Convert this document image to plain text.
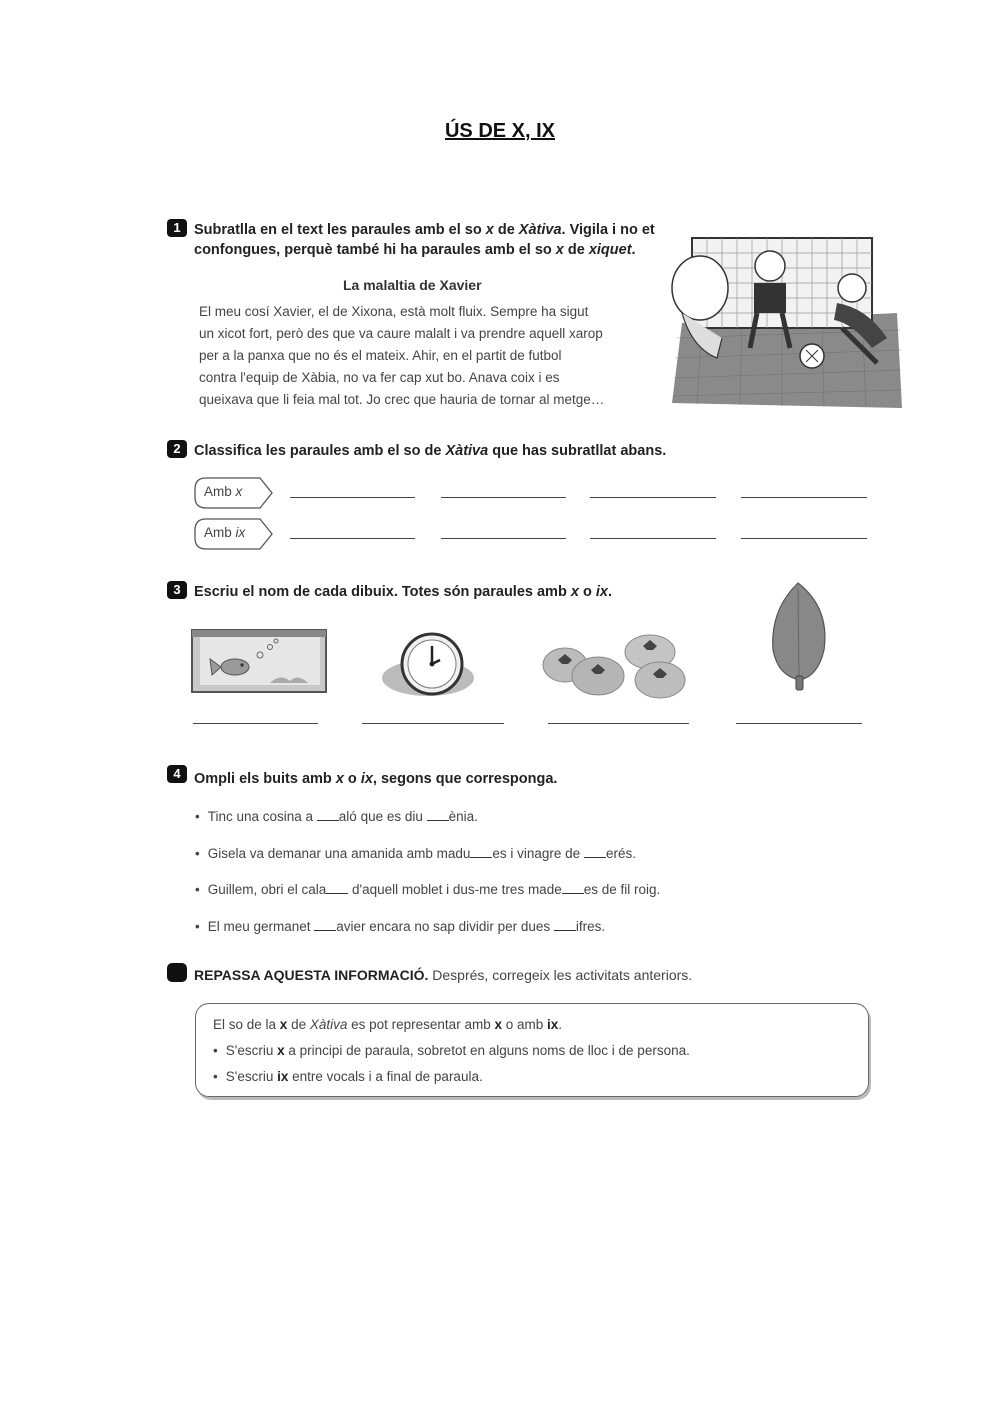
ÚS DE X, IX
1 Subratlla en el text les paraules amb el so x de Xàtiva. Vigila i no et
confongues, perquè també hi ha paraules amb el so x de xiquet.
La malaltia de Xavier
El meu cosí Xavier, el de Xixona, està molt fluix. Sempre ha sigut
un xicot fort, però des que va caure malalt i va prendre aquell xarop
per a la panxa que no és el mateix. Ahir, en el partit de futbol
contra l'equip de Xàbia, no va fer cap xut bo. Anava coix i es
queixava que li feia mal tot. Jo crec que hauria de tornar al metge…
2 Classifica les paraules amb el so de Xàtiva que has subratllat abans.
Amb x
Amb ix
3 Escriu el nom de cada dibuix. Totes són paraules amb x o ix.
4 Ompli els buits amb x o ix, segons que corresponga.
• Tinc una cosina a aló que es diu ènia.
• Gisela va demanar una amanida amb madu es i vinagre de erés.
• Guillem, obri el cala d'aquell moblet i dus-me tres made es de fil roig.
• El meu germanet avier encara no sap dividir per dues ifres.
REPASSA AQUESTA INFORMACIÓ. Després, corregeix les activitats anteriors.
El so de la x de Xàtiva es pot representar amb x o amb ix.
• S'escriu x a principi de paraula, sobretot en alguns noms de lloc i de persona.
• S'escriu ix entre vocals i a final de paraula.
